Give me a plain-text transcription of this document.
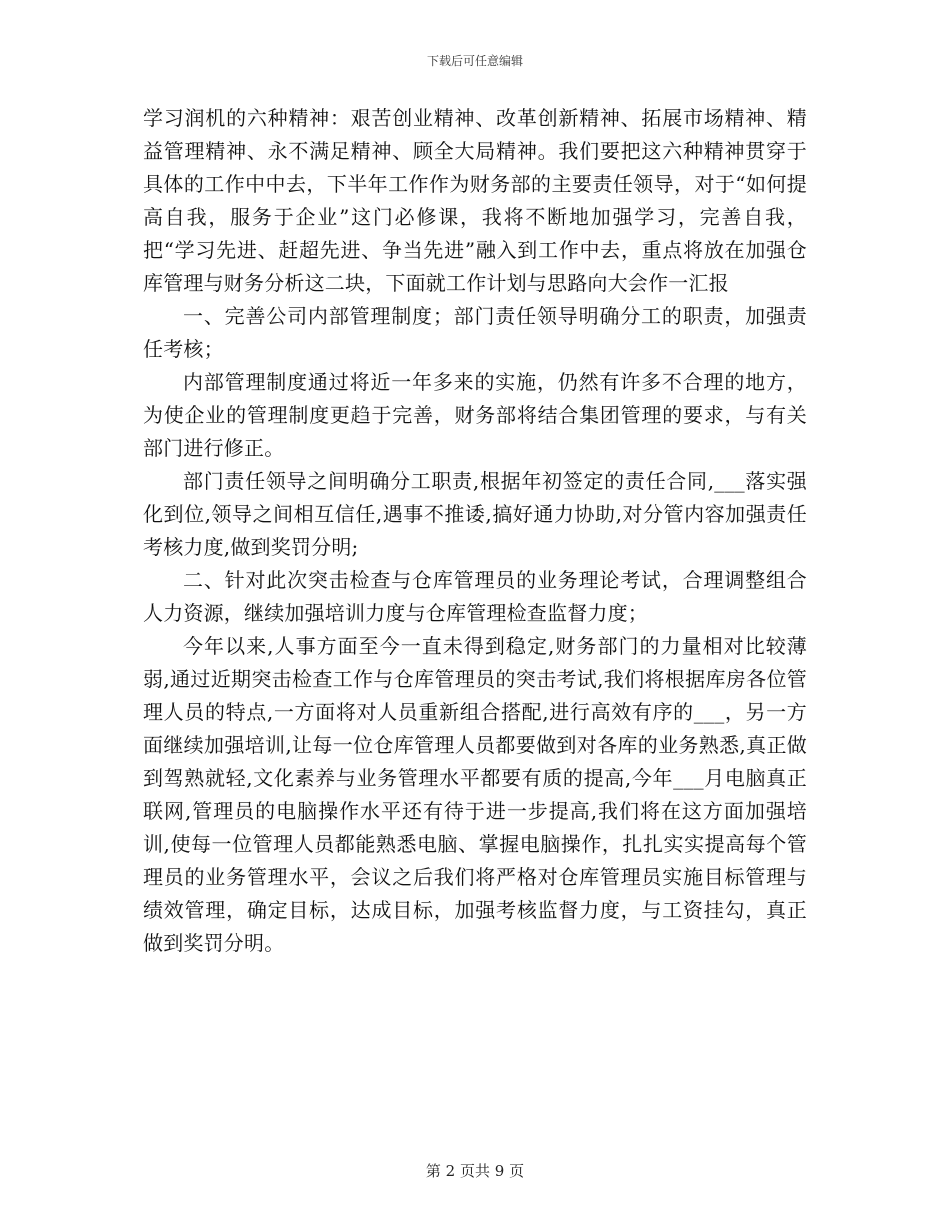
下载后可任意编辑

学习润机的六种精神：艰苦创业精神、改革创新精神、拓展市场精神、精益管理精神、永不满足精神、顾全大局精神。我们要把这六种精神贯穿于具体的工作中中去，下半年工作作为财务部的主要责任领导，对于“如何提高自我，服务于企业”这门必修课，我将不断地加强学习，完善自我，把“学习先进、赶超先进、争当先进”融入到工作中去，重点将放在加强仓库管理与财务分析这二块，下面就工作计划与思路向大会作一汇报

一、完善公司内部管理制度；部门责任领导明确分工的职责，加强责任考核；

内部管理制度通过将近一年多来的实施，仍然有许多不合理的地方，为使企业的管理制度更趋于完善，财务部将结合集团管理的要求，与有关部门进行修正。

部门责任领导之间明确分工职责,根据年初签定的责任合同,___落实强化到位,领导之间相互信任,遇事不推诿,搞好通力协助,对分管内容加强责任考核力度,做到奖罚分明;

二、针对此次突击检查与仓库管理员的业务理论考试，合理调整组合人力资源，继续加强培训力度与仓库管理检查监督力度；

今年以来,人事方面至今一直未得到稳定,财务部门的力量相对比较薄弱,通过近期突击检查工作与仓库管理员的突击考试,我们将根据库房各位管理人员的特点,一方面将对人员重新组合搭配,进行高效有序的___，另一方面继续加强培训,让每一位仓库管理人员都要做到对各库的业务熟悉,真正做到驾熟就轻,文化素养与业务管理水平都要有质的提高,今年___月电脑真正联网,管理员的电脑操作水平还有待于进一步提高,我们将在这方面加强培训,使每一位管理人员都能熟悉电脑、掌握电脑操作，扎扎实实提高每个管理员的业务管理水平，会议之后我们将严格对仓库管理员实施目标管理与绩效管理，确定目标，达成目标，加强考核监督力度，与工资挂勾，真正做到奖罚分明。

第 2 页共 9 页
